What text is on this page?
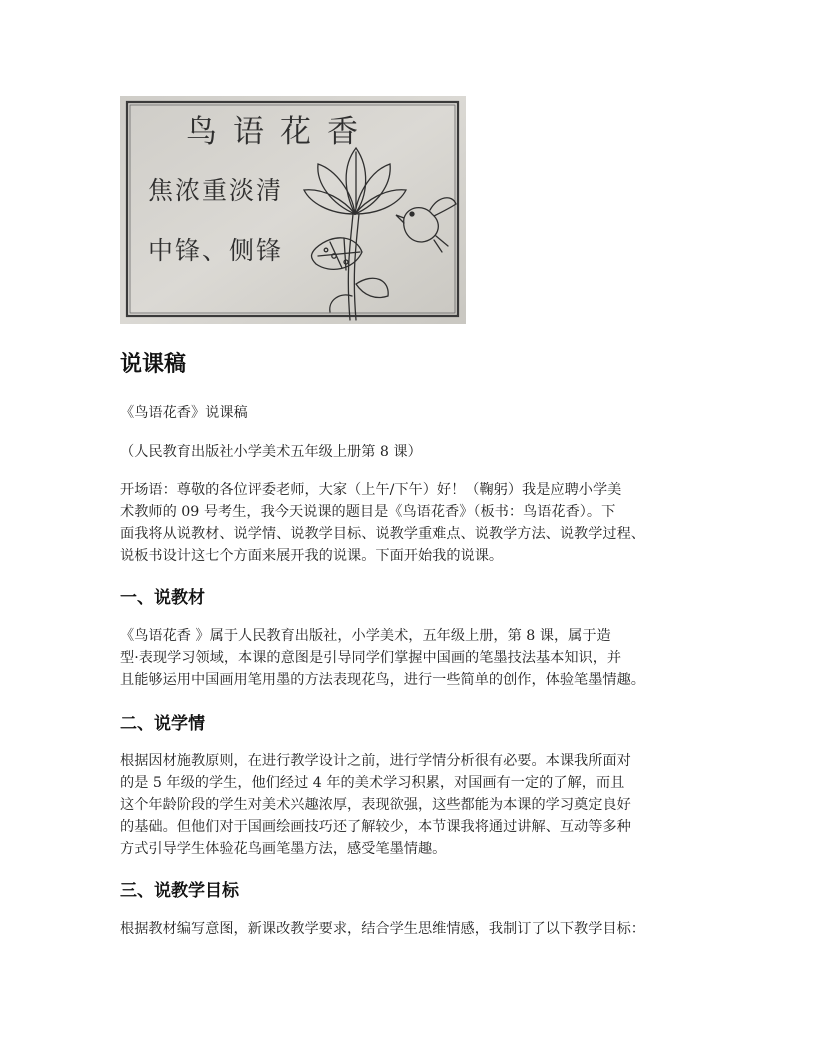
鸟语花香
焦浓重淡清
中锋、侧锋
说课稿

《鸟语花香》说课稿

（人民教育出版社小学美术五年级上册第 8 课）

开场语：尊敬的各位评委老师，大家（上午/下午）好！（鞠躬）我是应聘小学美
术教师的 09 号考生，我今天说课的题目是《鸟语花香》（板书：鸟语花香）。下
面我将从说教材、说学情、说教学目标、说教学重难点、说教学方法、说教学过程、
说板书设计这七个方面来展开我的说课。下面开始我的说课。

一、说教材

《鸟语花香 》属于人民教育出版社，小学美术，五年级上册，第 8 课，属于造
型·表现学习领域，本课的意图是引导同学们掌握中国画的笔墨技法基本知识，并
且能够运用中国画用笔用墨的方法表现花鸟，进行一些简单的创作，体验笔墨情趣。

二、说学情

根据因材施教原则，在进行教学设计之前，进行学情分析很有必要。本课我所面对
的是 5 年级的学生，他们经过 4 年的美术学习积累，对国画有一定的了解，而且
这个年龄阶段的学生对美术兴趣浓厚，表现欲强，这些都能为本课的学习奠定良好
的基础。但他们对于国画绘画技巧还了解较少，本节课我将通过讲解、互动等多种
方式引导学生体验花鸟画笔墨方法，感受笔墨情趣。

三、说教学目标

根据教材编写意图，新课改教学要求，结合学生思维情感，我制订了以下教学目标：
